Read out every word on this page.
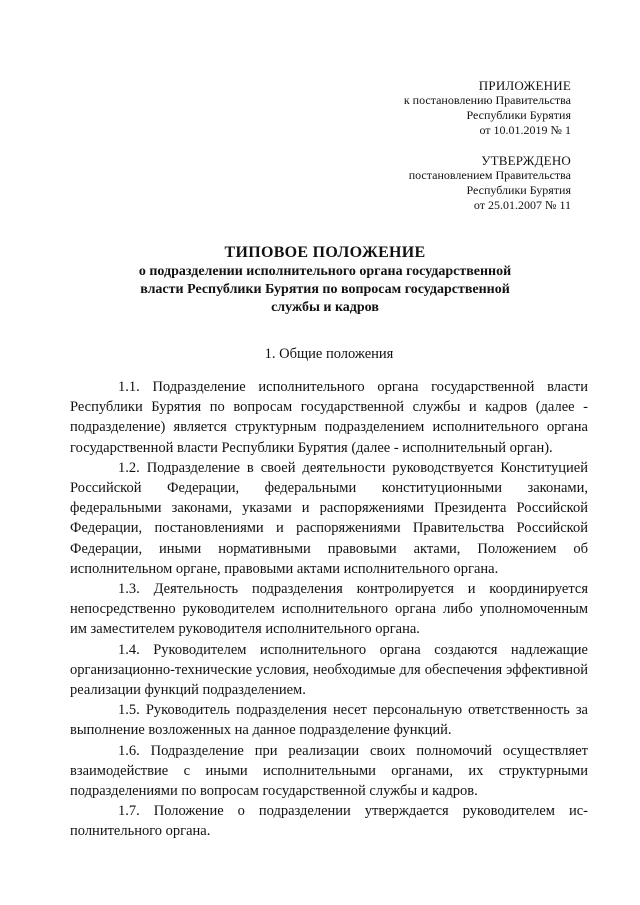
ПРИЛОЖЕНИЕ
к постановлению Правительства
Республики Бурятия
от 10.01.2019 № 1
УТВЕРЖДЕНО
постановлением Правительства
Республики Бурятия
от 25.01.2007 № 11
ТИПОВОЕ ПОЛОЖЕНИЕ
о подразделении исполнительного органа государственной
власти Республики Бурятия по вопросам государственной
службы и кадров
1. Общие положения

1.1. Подразделение исполнительного органа государственной власти Республики Бурятия по вопросам государственной службы и кадров (далее - подразделение) является структурным подразделением исполнительного органа государственной власти Республики Бурятия (далее - исполнительный орган).

1.2. Подразделение в своей деятельности руководствуется Конституцией Российской Федерации, федеральными конституционными законами, федеральными законами, указами и распоряжениями Президента Российской Федерации, постановлениями и распоряжениями Правительства Российской Федерации, иными нормативными правовыми актами, Положением об исполнительном органе, правовыми актами исполнительного органа.

1.3. Деятельность подразделения контролируется и координируется непосредственно руководителем исполнительного органа либо уполномоченным им заместителем руководителя исполнительного органа.

1.4. Руководителем исполнительного органа создаются надлежащие организационно-технические условия, необходимые для обеспечения эффективной реализации функций подразделением.

1.5. Руководитель подразделения несет персональную ответственность за выполнение возложенных на данное подразделение функций.

1.6. Подразделение при реализации своих полномочий осуществляет взаимодействие с иными исполнительными органами, их структурными подразделениями по вопросам государственной службы и кадров.

1.7. Положение о подразделении утверждается руководителем исполнительного органа.
